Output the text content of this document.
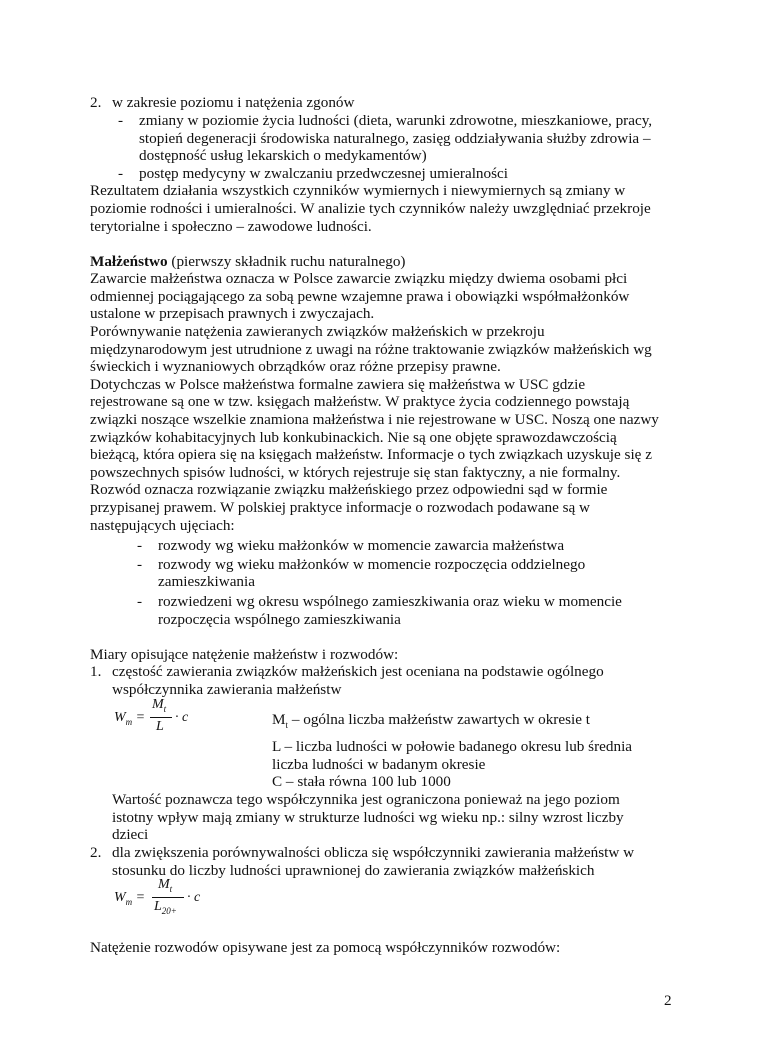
2. w zakresie poziomu i natężenia zgonów
- zmiany w poziomie życia ludności (dieta, warunki zdrowotne, mieszkaniowe, pracy,
stopień degeneracji środowiska naturalnego, zasięg oddziaływania służby zdrowia –
dostępność usług lekarskich o medykamentów)
- postęp medycyny w zwalczaniu przedwczesnej umieralności
Rezultatem działania wszystkich czynników wymiernych i niewymiernych są zmiany w
poziomie rodności i umieralności. W analizie tych czynników należy uwzględniać przekroje
terytorialne i społeczno – zawodowe ludności.
Małżeństwo (pierwszy składnik ruchu naturalnego)
Zawarcie małżeństwa oznacza w Polsce zawarcie związku między dwiema osobami płci
odmiennej pociągającego za sobą pewne wzajemne prawa i obowiązki współmałżonków
ustalone w przepisach prawnych i zwyczajach.
Porównywanie natężenia zawieranych związków małżeńskich w przekroju
międzynarodowym jest utrudnione z uwagi na różne traktowanie związków małżeńskich wg
świeckich i wyznaniowych obrządków oraz różne przepisy prawne.
Dotychczas w Polsce małżeństwa formalne zawiera się małżeństwa w USC gdzie
rejestrowane są one w tzw. księgach małżeństw. W praktyce życia codziennego powstają
związki noszące wszelkie znamiona małżeństwa i nie rejestrowane w USC. Noszą one nazwy
związków kohabitacyjnych lub konkubinackich. Nie są one objęte sprawozdawczością
bieżącą, która opiera się na księgach małżeństw. Informacje o tych związkach uzyskuje się z
powszechnych spisów ludności, w których rejestruje się stan faktyczny, a nie formalny.
Rozwód oznacza rozwiązanie związku małżeńskiego przez odpowiedni sąd w formie
przypisanej prawem. W polskiej praktyce informacje o rozwodach podawane są w
następujących ujęciach:
- rozwody wg wieku małżonków w momencie zawarcia małżeństwa
- rozwody wg wieku małżonków w momencie rozpoczęcia oddzielnego
zamieszkiwania
- rozwiedzeni wg okresu wspólnego zamieszkiwania oraz wieku w momencie
rozpoczęcia wspólnego zamieszkiwania
Miary opisujące natężenie małżeństw i rozwodów:
1. częstość zawierania związków małżeńskich jest oceniana na podstawie ogólnego
współczynnika zawierania małżeństw
$W_m$ =
$M_t$
L
· c	$M_t$ – ogólna liczba małżeństw zawartych w okresie t
L – liczba ludności w połowie badanego okresu lub średnia
liczba ludności w badanym okresie
C – stała równa 100 lub 1000
Wartość poznawcza tego współczynnika jest ograniczona ponieważ na jego poziom
istotny wpływ mają zmiany w strukturze ludności wg wieku np.: silny wzrost liczby
dzieci
2. dla zwiększenia porównywalności oblicza się współczynniki zawierania małżeństw w
stosunku do liczby ludności uprawnionej do zawierania związków małżeńskich
$W_m$ =
$M_t$
$L_{20+}$
· c
Natężenie rozwodów opisywane jest za pomocą współczynników rozwodów:
2
